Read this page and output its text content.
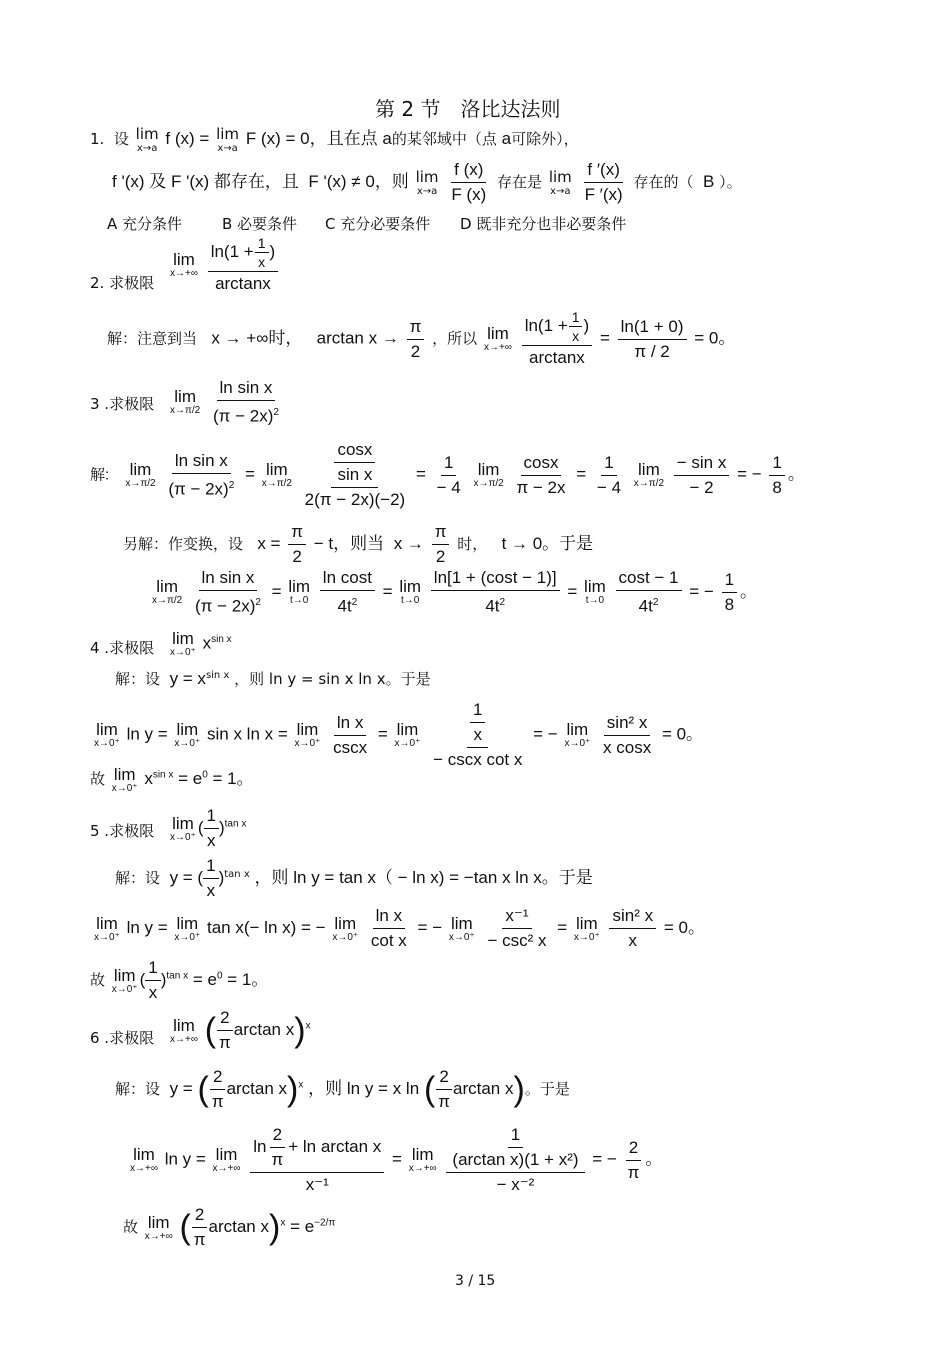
第 2 节　洛比达法则
1. 设 lim
x→a f (x) = lim
x→a F (x) = 0，且在点 a的某邻域中（点 a可除外），
f '(x) 及 F '(x) 都存在，且 F '(x) ≠ 0，则 lim
x→a
$\frac{f (x)}{F (x)}$ 存在是 lim
x→a
$\frac{f '(x)}{F '(x)}$ 存在的（ B ）。
A 充分条件	B 必要条件 C 充分必要条件 D 既非充分也非必要条件
2. 求极限
lim
x→+∞
$\frac{\ln(1 + \frac{1}{x} )}{\arctan x}$
解：注意到当 x → +∞时， $\arctan x \to \frac{\pi}{2}$ ，所以 lim
x→+∞
$\frac{\ln(1 + \frac{1}{x} )}{\arctan x} = \frac{\ln(1 + 0)}{\pi / 2} = 0$。
3 .求极限 lim
x→π/2
$\frac{\text{ln sin x}}{(\pi - 2x)^2}$
解: lim
x→π/2
$\frac{\text{ln sin x}}{(\pi - 2x)^2} = \lim$
x→π/2
$\frac{\frac{\cos x}{\text{sin x}}}{2(\pi - 2x)(-2)} = \frac{1}{- 4}$
lim
x→π/2
$\frac{\cos x}{\pi - 2x} = \frac{1}{- 4}$
lim
x→π/2
$\frac{\text{− sin x}}{- 2}$ = − $\frac{1}{8}$ 。
另解：作变换，设 $x = \frac{\pi}{2} - t$，则当 $x \to \frac{\pi}{2}$ 时， t → 0。于是
lim
x→π/2
$\frac{\text{ln sin x}}{(\pi - 2x)^2} = \lim$
t→0
$\frac{\text{ln cost}}{4t^2} = \lim$
t→0
$\frac{\ln[1 + (\cos t - 1)]}{4t^2} = \lim$
t→0
$\frac{\cos t - 1}{4t^2}$ = − $\frac{1}{8}$ 。
4 .求极限 lim
x→0⁺
$x^{sin x}$
解：设 $y = x^{sin x}$ ，则 ln y = sin x ln x。于是
lim
x→0⁺
ln y = lim
x→0⁺
sin x ln x = lim
x→0⁺
$\frac{\text{ln x}}{\csc x} = \lim$
x→0⁺
$\frac{\frac{1}{x}}{\text{− cscx cot x}}$ = − lim
x→0⁺
$\frac{\text{sin² x}}{\text{x cosx}} = 0$。
故 lim
x→0⁺
$x^{sin x} = e^0 = 1$。
5 .求极限 lim
x→0⁺
( $\frac{1}{x} )^{tan x}$
解：设 y = ( $\frac{1}{x} )^{tan x}$ ，则 ln y = tan x（ − ln x) = −tan x ln x。于是
lim
x→0⁺
ln y = lim
x→0⁺
tan x(− ln x) = − lim
x→0⁺
$\frac{\text{ln x}}{\text{cot x}}$ = − lim
x→0⁺
$\frac{\text{x⁻¹}}{\text{− csc² x}} = \lim$
x→0⁺
$\frac{\text{sin² x}}{x} = 0$。
故 lim
x→0⁺
( $\frac{1}{x} )^{tan x} = e^0 = 1$。
6 .求极限
lim
x→+∞ ( $\frac{2}{\pi}$ arctan x)$^x$
解：设 y = ( $\frac{2}{\pi}$ arctan x)$^x$ ，则 ln y = x ln ( $\frac{2}{\pi}$ arctan x)。于是
lim
x→+∞
ln y = lim
x→+∞
$\frac{\ln \frac{2}{\pi} + \ln \arctan x}{\text{x⁻¹}} = \lim$
x→+∞
$\frac{\frac{1}{\text{(arctan x)(1 + x²)}}}{\text{− x⁻²}}$ = − $\frac{2}{\pi}$ 。
故 lim
x→+∞ ( $\frac{2}{\pi}$ $\arctan x)^x = e^{-2/\pi}$
3 / 15
